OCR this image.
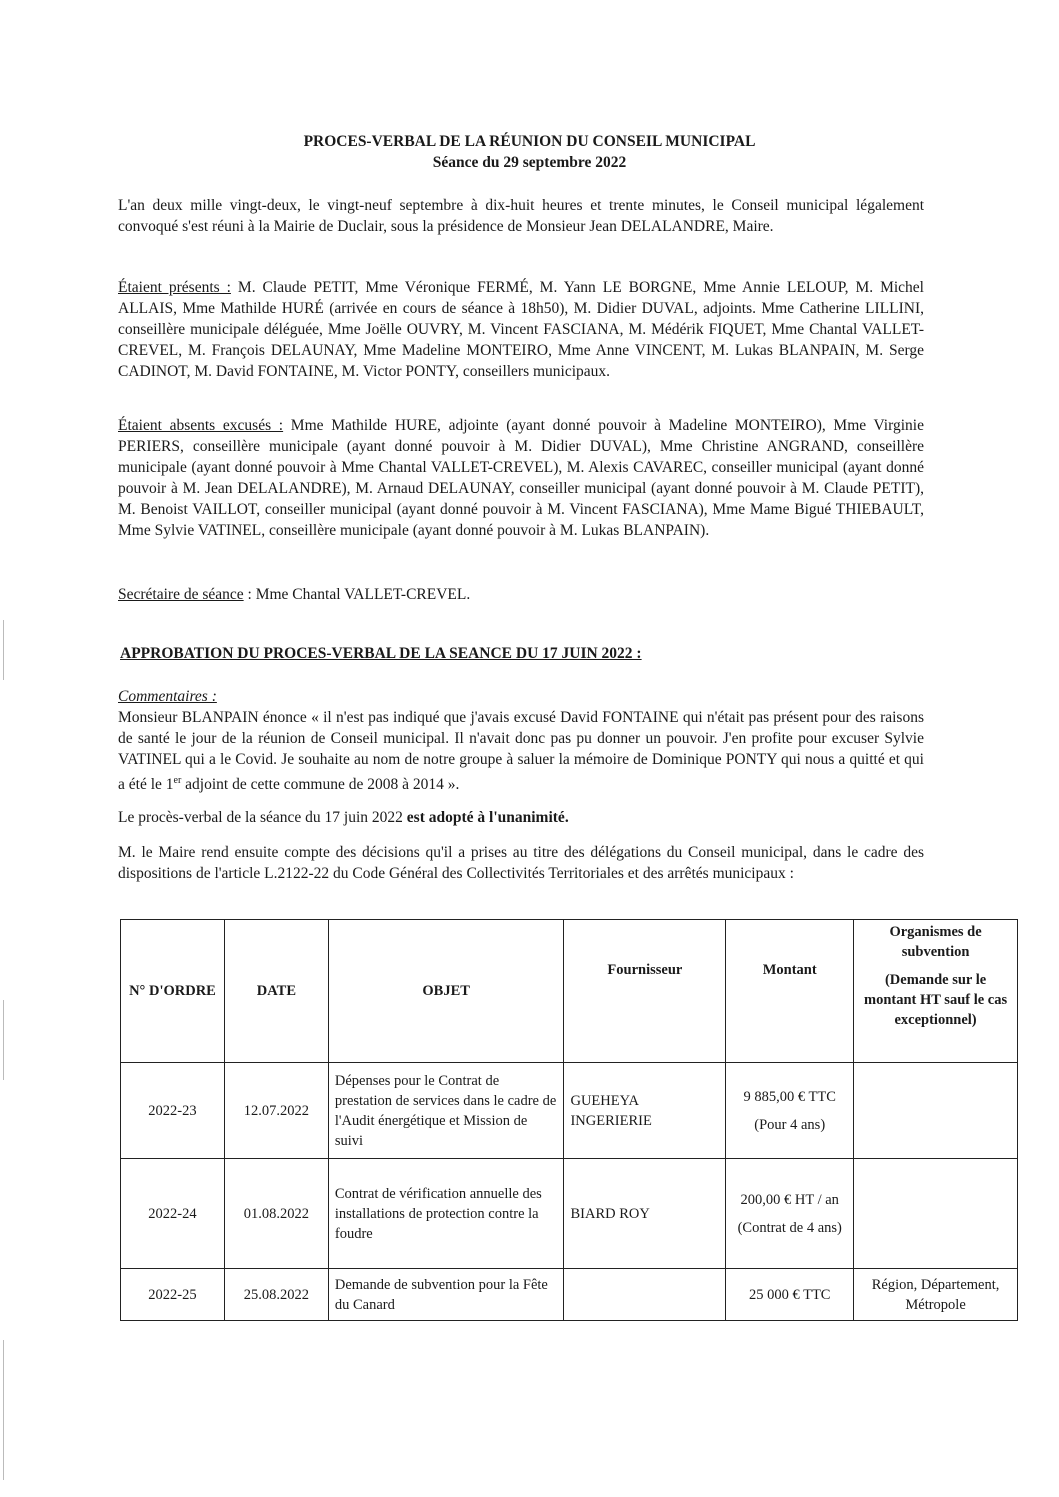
PROCES-VERBAL DE LA RÉUNION DU CONSEIL MUNICIPAL
Séance du 29 septembre 2022
L'an deux mille vingt-deux, le vingt-neuf septembre à dix-huit heures et trente minutes, le Conseil municipal légalement convoqué s'est réuni à la Mairie de Duclair, sous la présidence de Monsieur Jean DELALANDRE, Maire.
Étaient présents : M. Claude PETIT, Mme Véronique FERMÉ, M. Yann LE BORGNE, Mme Annie LELOUP, M. Michel ALLAIS, Mme Mathilde HURÉ (arrivée en cours de séance à 18h50), M. Didier DUVAL, adjoints. Mme Catherine LILLINI, conseillère municipale déléguée, Mme Joëlle OUVRY, M. Vincent FASCIANA, M. Médérik FIQUET, Mme Chantal VALLET-CREVEL, M. François DELAUNAY, Mme Madeline MONTEIRO, Mme Anne VINCENT, M. Lukas BLANPAIN, M. Serge CADINOT, M. David FONTAINE, M. Victor PONTY, conseillers municipaux.
Étaient absents excusés : Mme Mathilde HURE, adjointe (ayant donné pouvoir à Madeline MONTEIRO), Mme Virginie PERIERS, conseillère municipale (ayant donné pouvoir à M. Didier DUVAL), Mme Christine ANGRAND, conseillère municipale (ayant donné pouvoir à Mme Chantal VALLET-CREVEL), M. Alexis CAVAREC, conseiller municipal (ayant donné pouvoir à M. Jean DELALANDRE), M. Arnaud DELAUNAY, conseiller municipal (ayant donné pouvoir à M. Claude PETIT), M. Benoist VAILLOT, conseiller municipal (ayant donné pouvoir à M. Vincent FASCIANA), Mme Mame Bigué THIEBAULT, Mme Sylvie VATINEL, conseillère municipale (ayant donné pouvoir à M. Lukas BLANPAIN).
Secrétaire de séance : Mme Chantal VALLET-CREVEL.
APPROBATION DU PROCES-VERBAL DE LA SEANCE DU 17 JUIN 2022 :
Commentaires :
Monsieur BLANPAIN énonce « il n'est pas indiqué que j'avais excusé David FONTAINE qui n'était pas présent pour des raisons de santé le jour de la réunion de Conseil municipal. Il n'avait donc pas pu donner un pouvoir. J'en profite pour excuser Sylvie VATINEL qui a le Covid. Je souhaite au nom de notre groupe à saluer la mémoire de Dominique PONTY qui nous a quitté et qui a été le 1er adjoint de cette commune de 2008 à 2014 ».
Le procès-verbal de la séance du 17 juin 2022 est adopté à l'unanimité.
M. le Maire rend ensuite compte des décisions qu'il a prises au titre des délégations du Conseil municipal, dans le cadre des dispositions de l'article L.2122-22 du Code Général des Collectivités Territoriales et des arrêtés municipaux :
N° D'ORDRE	DATE	OBJET	Fournisseur	Montant	Organismes de subvention
(Demande sur le montant HT sauf le cas exceptionnel)

2022-23	12.07.2022	Dépenses pour le Contrat de prestation de services dans le cadre de l'Audit énergétique et Mission de suivi	GUEHEYA INGERIERIE	9 885,00 € TTC
(Pour 4 ans)	

2022-24	01.08.2022	Contrat de vérification annuelle des installations de protection contre la foudre	BIARD ROY	200,00 € HT / an
(Contrat de 4 ans)	

2022-25	25.08.2022	Demande de subvention pour la Fête du Canard		25 000 € TTC	Région, Département, Métropole
